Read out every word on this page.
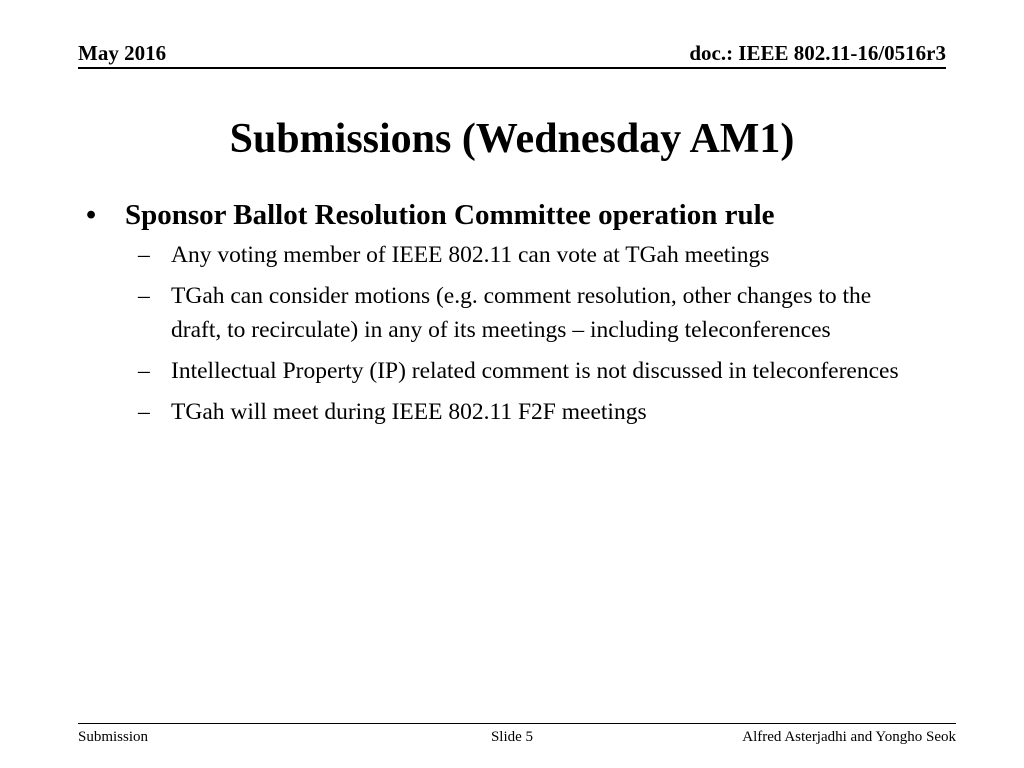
May 2016	doc.: IEEE 802.11-16/0516r3
Submissions (Wednesday AM1)
• Sponsor Ballot Resolution Committee operation rule
– Any voting member of IEEE 802.11 can vote at TGah meetings
– TGah can consider motions (e.g. comment resolution, other changes to the draft, to recirculate) in any of its meetings – including teleconferences
– Intellectual Property (IP) related comment is not discussed in teleconferences
– TGah will meet during IEEE 802.11 F2F meetings
Submission	Slide 5	Alfred Asterjadhi and Yongho Seok
